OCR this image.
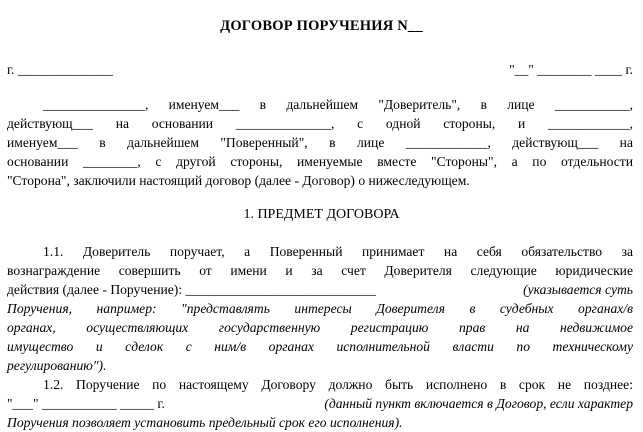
ДОГОВОР ПОРУЧЕНИЯ N__
г. ______________	"__" ________ ____ г.
_______________, именуем___ в дальнейшем "Доверитель", в лице ___________,
действующ___ на основании ______________, с одной стороны, и ____________,
именуем___ в дальнейшем "Поверенный", в лице ____________, действующ___ на
основании ________, с другой стороны, именуемые вместе "Стороны", а по отдельности
"Сторона", заключили настоящий договор (далее - Договор) о нижеследующем.
1. ПРЕДМЕТ ДОГОВОРА
1.1. Доверитель поручает, а Поверенный принимает на себя обязательство за
вознаграждение совершить от имени и за счет Доверителя следующие юридические
действия (далее - Поручение): ____________________________	(указывается суть
Поручения, например: "представлять интересы Доверителя в судебных органах/в
органах, осуществляющих государственную регистрацию прав на недвижимое
имущество и сделок с ним/в органах исполнительной власти по техническому
регулированию").
1.2. Поручение по настоящему Договору должно быть исполнено в срок не позднее:
"___" ___________ _____ г.	(данный пункт включается в Договор, если характер
Поручения позволяет установить предельный срок его исполнения).
